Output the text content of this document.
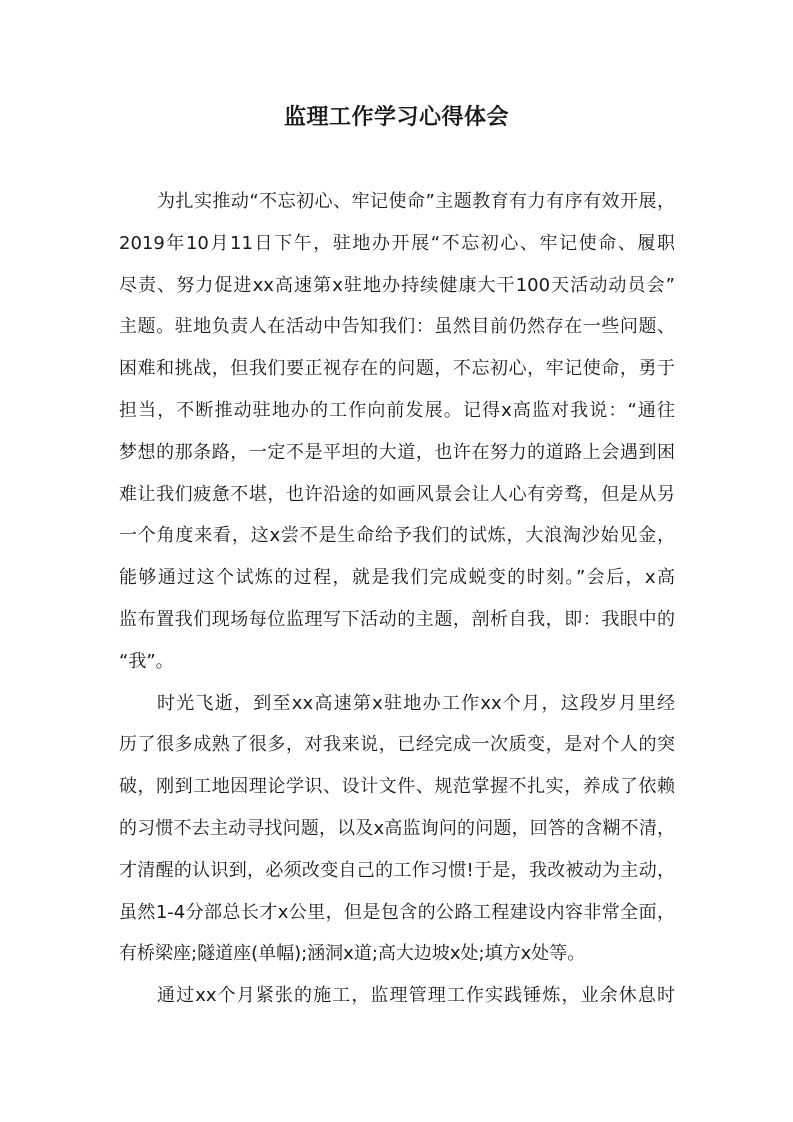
监理工作学习心得体会
为扎实推动“不忘初心、牢记使命”主题教育有力有序有效开展，
2019年10月11日下午，驻地办开展“不忘初心、牢记使命、履职
尽责、努力促进xx高速第x驻地办持续健康大干100天活动动员会”
主题。驻地负责人在活动中告知我们：虽然目前仍然存在一些问题、
困难和挑战，但我们要正视存在的问题，不忘初心，牢记使命，勇于
担当，不断推动驻地办的工作向前发展。记得x高监对我说：“通往
梦想的那条路，一定不是平坦的大道，也许在努力的道路上会遇到困
难让我们疲惫不堪，也许沿途的如画风景会让人心有旁骛，但是从另
一个角度来看，这x尝不是生命给予我们的试炼，大浪淘沙始见金，
能够通过这个试炼的过程，就是我们完成蜕变的时刻。”会后，x高
监布置我们现场每位监理写下活动的主题，剖析自我，即：我眼中的
“我”。
时光飞逝，到至xx高速第x驻地办工作xx个月，这段岁月里经
历了很多成熟了很多，对我来说，已经完成一次质变，是对个人的突
破，刚到工地因理论学识、设计文件、规范掌握不扎实，养成了依赖
的习惯不去主动寻找问题，以及x高监询问的问题，回答的含糊不清，
才清醒的认识到，必须改变自己的工作习惯!于是，我改被动为主动，
虽然1-4分部总长才x公里，但是包含的公路工程建设内容非常全面，
有桥梁座;隧道座(单幅);涵洞x道;高大边坡x处;填方x处等。
通过xx个月紧张的施工，监理管理工作实践锤炼，业余休息时
